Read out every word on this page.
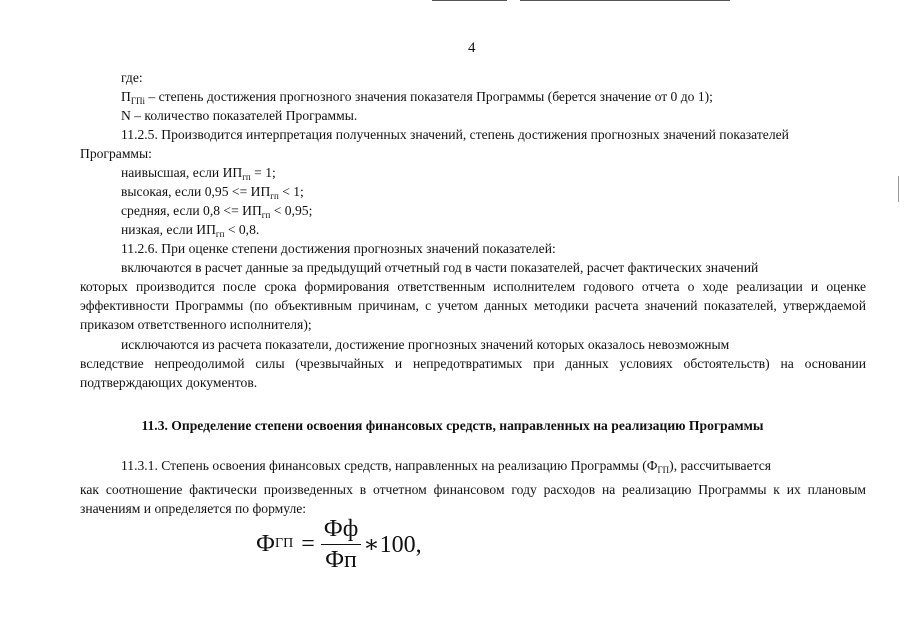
4

где:

$П_{ГПi}$ – степень достижения прогнозного значения показателя Программы (берется значение от 0 до 1);

N – количество показателей Программы.

11.2.5. Производится интерпретация полученных значений, степень достижения прогнозных значений показателей

Программы:

наивысшая, если $ИП_{гп} = 1$;

высокая, если $0,95 <= ИП_{гп} < 1$;

средняя, если $0,8 <= ИП_{гп} < 0,95$;

низкая, если $ИП_{гп} < 0,8$.

11.2.6. При оценке степени достижения прогнозных значений показателей:

включаются в расчет данные за предыдущий отчетный год в части показателей, расчет фактических значений
которых производится после срока формирования ответственным исполнителем годового отчета о ходе реализации и оценке эффективности Программы (по объективным причинам, с учетом данных методики расчета значений показателей, утверждаемой приказом ответственного исполнителя);

исключаются из расчета показатели, достижение прогнозных значений которых оказалось невозможным
вследствие непреодолимой силы (чрезвычайных и непредотвратимых при данных условиях обстоятельств) на основании подтверждающих документов.

11.3. Определение степени освоения финансовых средств, направленных на реализацию Программы

11.3.1. Степень освоения финансовых средств, направленных на реализацию Программы $(Ф_{ГП})$, рассчитывается
как соотношение фактически произведенных в отчетном финансовом году расходов на реализацию Программы к их плановым значениям и определяется по формуле:

Ф ГП = $\frac{Фф}{Фп}$ ∗100,
